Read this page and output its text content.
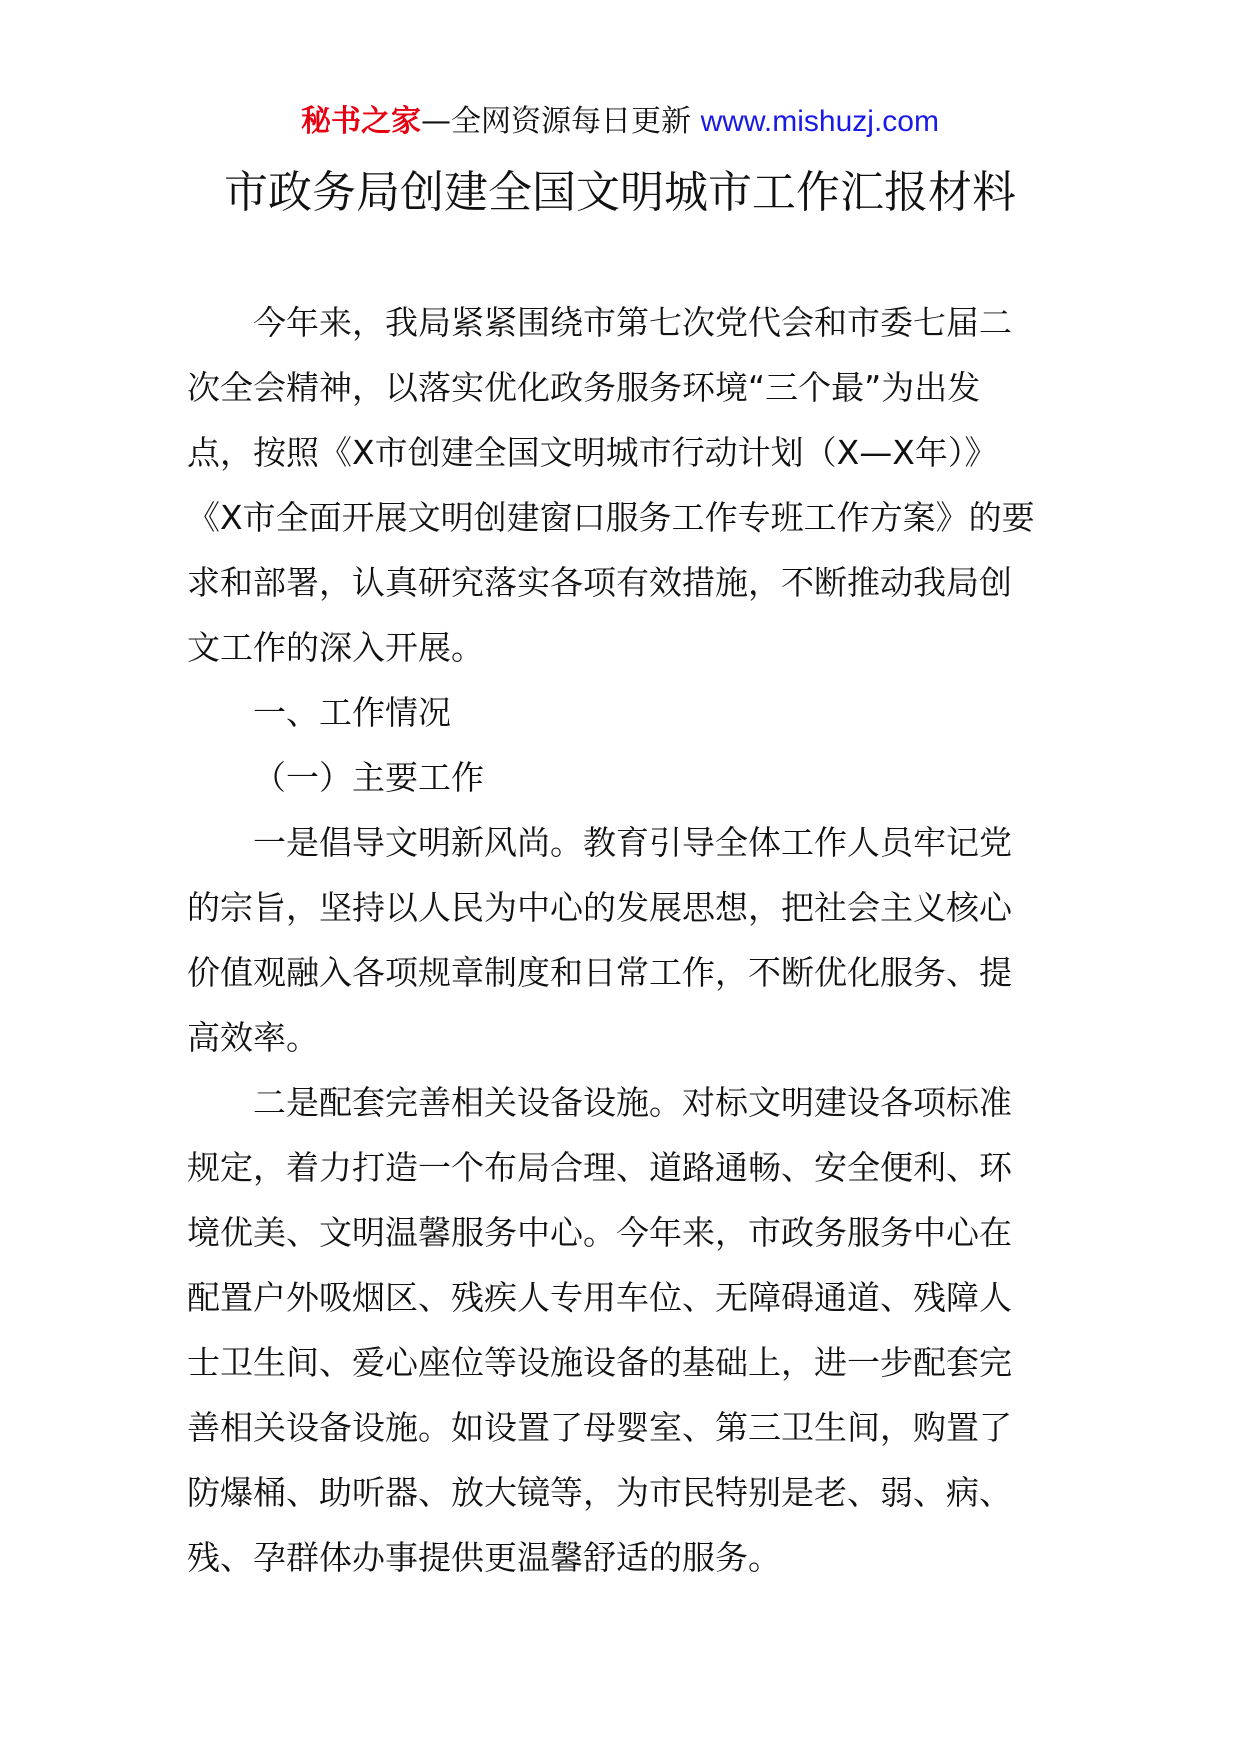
秘书之家—全网资源每日更新 www.mishuzj.com
市政务局创建全国文明城市工作汇报材料
今年来，我局紧紧围绕市第七次党代会和市委七届二
次全会精神，以落实优化政务服务环境“三个最”为出发
点，按照《X市创建全国文明城市行动计划（X—X年）》
《X市全面开展文明创建窗口服务工作专班工作方案》的要
求和部署，认真研究落实各项有效措施，不断推动我局创
文工作的深入开展。
一、工作情况
（一）主要工作
一是倡导文明新风尚。教育引导全体工作人员牢记党
的宗旨，坚持以人民为中心的发展思想，把社会主义核心
价值观融入各项规章制度和日常工作，不断优化服务、提
高效率。
二是配套完善相关设备设施。对标文明建设各项标准
规定，着力打造一个布局合理、道路通畅、安全便利、环
境优美、文明温馨服务中心。今年来，市政务服务中心在
配置户外吸烟区、残疾人专用车位、无障碍通道、残障人
士卫生间、爱心座位等设施设备的基础上，进一步配套完
善相关设备设施。如设置了母婴室、第三卫生间，购置了
防爆桶、助听器、放大镜等，为市民特别是老、弱、病、
残、孕群体办事提供更温馨舒适的服务。
